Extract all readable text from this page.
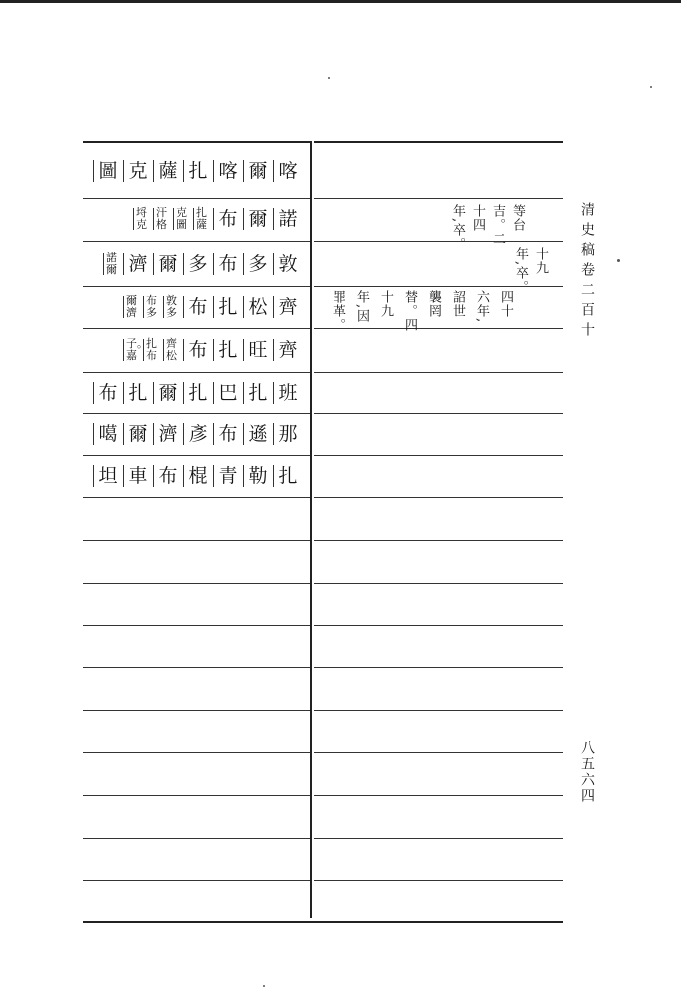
喀
爾
喀
扎
薩
克
圖
諾
爾
布
扎
薩
克
圖
汗
格
埒
克
敦
多
布
多
爾
濟
諾
爾
齊
松
扎
布
敦
多
布
多
爾
濟
齊
旺
扎
布
齊
松
扎
布
子。
嘉
班
扎
巴
扎
爾
扎
布
那
遜
布
彥
濟
爾
噶
扎
勒
青
棍
布
車
坦
等台
吉。二
十四
年,卒。
十九
年,卒。
四十
六年,
詔世
襲罔
替。四
十九
年,因
罪革。	清史稿卷二百十
八五六四
